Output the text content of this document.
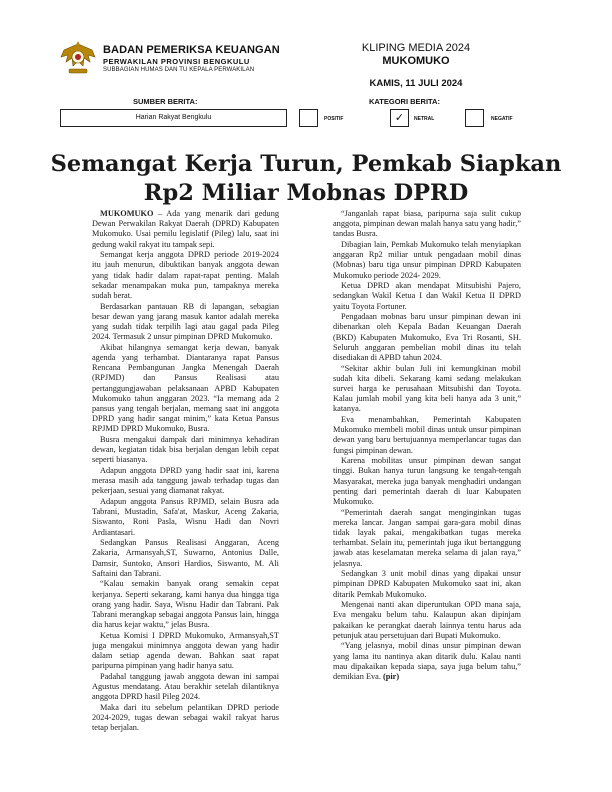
BADAN PEMERIKSA KEUANGAN
PERWAKILAN PROVINSI BENGKULU
SUBBAGIAN HUMAS DAN TU KEPALA PERWAKILAN
KLIPING MEDIA 2024
MUKOMUKO
KAMIS, 11 JULI 2024
SUMBER BERITA:	KATEGORI BERITA:
Harian Rakyat Bengkulu	POSITIF	✓	NETRAL	NEGATIF
Semangat Kerja Turun, Pemkab Siapkan Rp2 Miliar Mobnas DPRD

MUKOMUKO – Ada yang menarik dari gedung Dewan Perwakilan Rakyat Daerah (DPRD) Kabupaten Mukomuko. Usai pemilu legislatif (Pileg) lalu, saat ini gedung wakil rakyat itu tampak sepi.

Semangat kerja anggota DPRD periode 2019-2024 itu jauh menurun, dibuktikan banyak anggota dewan yang tidak hadir dalam rapat-rapat penting. Malah sekadar menampakan muka pun, tampaknya mereka sudah berat.

Berdasarkan pantauan RB di lapangan, sebagian besar dewan yang jarang masuk kantor adalah mereka yang sudah tidak terpilih lagi atau gagal pada Pileg 2024. Termasuk 2 unsur pimpinan DPRD Mukomuko.

Akibat hilangnya semangat kerja dewan, banyak agenda yang terhambat. Diantaranya rapat Pansus Rencana Pembangunan Jangka Menengah Daerah (RPJMD) dan Pansus Realisasi atau pertanggungjawaban pelaksanaan APBD Kabupaten Mukomuko tahun anggaran 2023. “Ia memang ada 2 pansus yang tengah berjalan, memang saat ini anggota DPRD yang hadir sangat minim,” kata Ketua Pansus RPJMD DPRD Mukomuko, Busra.

Busra mengakui dampak dari minimnya kehadiran dewan, kegiatan tidak bisa berjalan dengan lebih cepat seperti biasanya.

Adapun anggota DPRD yang hadir saat ini, karena merasa masih ada tanggung jawab terhadap tugas dan pekerjaan, sesuai yang diamanat rakyat.

Adapun anggota Pansus RPJMD, selain Busra ada Tabrani, Mustadin, Safa'at, Maskur, Aceng Zakaria, Siswanto, Roni Pasla, Wisnu Hadi dan Novri Ardiantasari.

Sedangkan Pansus Realisasi Anggaran, Aceng Zakaria, Armansyah,ST, Suwarno, Antonius Dalle, Damsir, Suntoko, Ansori Hardios, Siswanto, M. Ali Saftaini dan Tabrani.

“Kalau semakin banyak orang semakin cepat kerjanya. Seperti sekarang, kami hanya dua hingga tiga orang yang hadir. Saya, Wisnu Hadir dan Tabrani. Pak Tabrani merangkap sebagai anggota Pansus lain, hingga dia harus kejar waktu,” jelas Busra.

Ketua Komisi I DPRD Mukomuko, Armansyah,ST juga mengakui minimnya anggota dewan yang hadir dalam setiap agenda dewan. Bahkan saat rapat paripurna pimpinan yang hadir hanya satu.

Padahal tanggung jawab anggota dewan ini sampai Agustus mendatang. Atau berakhir setelah dilantiknya anggota DPRD hasil Pileg 2024.

Maka dari itu sebelum pelantikan DPRD periode 2024-2029, tugas dewan sebagai wakil rakyat harus tetap berjalan.

“Janganlah rapat biasa, paripurna saja sulit cukup anggota, pimpinan dewan malah hanya satu yang hadir,” tandas Busra.

Dibagian lain, Pemkab Mukomuko telah menyiapkan anggaran Rp2 miliar untuk pengadaan mobil dinas (Mobnas) baru tiga unsur pimpinan DPRD Kabupaten Mukomuko periode 2024- 2029.

Ketua DPRD akan mendapat Mitsubishi Pajero, sedangkan Wakil Ketua I dan Wakil Ketua II DPRD yaitu Toyota Fortuner.

Pengadaan mobnas baru unsur pimpinan dewan ini dibenarkan oleh Kepala Badan Keuangan Daerah (BKD) Kabupaten Mukomuko, Eva Tri Rosanti, SH. Seluruh anggaran pembelian mobil dinas itu telah disediakan di APBD tahun 2024.

“Sekitar akhir bulan Juli ini kemungkinan mobil sudah kita dibeli. Sekarang kami sedang melakukan survei harga ke perusahaan Mitsubishi dan Toyota. Kalau jumlah mobil yang kita beli hanya ada 3 unit,” katanya.

Eva menambahkan, Pemerintah Kabupaten Mukomuko membeli mobil dinas untuk unsur pimpinan dewan yang baru bertujuannya memperlancar tugas dan fungsi pimpinan dewan.

Karena mobilitas unsur pimpinan dewan sangat tinggi. Bukan hanya turun langsung ke tengah-tengah Masyarakat, mereka juga banyak menghadiri undangan penting dari pemerintah daerah di luar Kabupaten Mukomuko.

“Pemerintah daerah sangat menginginkan tugas mereka lancar. Jangan sampai gara-gara mobil dinas tidak layak pakai, mengakibatkan tugas mereka terhambat. Selain itu, pemerintah juga ikut bertanggung jawab atas keselamatan mereka selama di jalan raya,” jelasnya.

Sedangkan 3 unit mobil dinas yang dipakai unsur pimpinan DPRD Kabupaten Mukomuko saat ini, akan ditarik Pemkab Mukomuko.

Mengenai nanti akan diperuntukan OPD mana saja, Eva mengaku belum tahu. Kalaupun akan dipinjam pakaikan ke perangkat daerah lainnya tentu harus ada petunjuk atau persetujuan dari Bupati Mukomuko.

“Yang jelasnya, mobil dinas unsur pimpinan dewan yang lama itu nantinya akan ditarik dulu. Kalau nanti mau dipakaikan kepada siapa, saya juga belum tahu,” demikian Eva. (pir)
